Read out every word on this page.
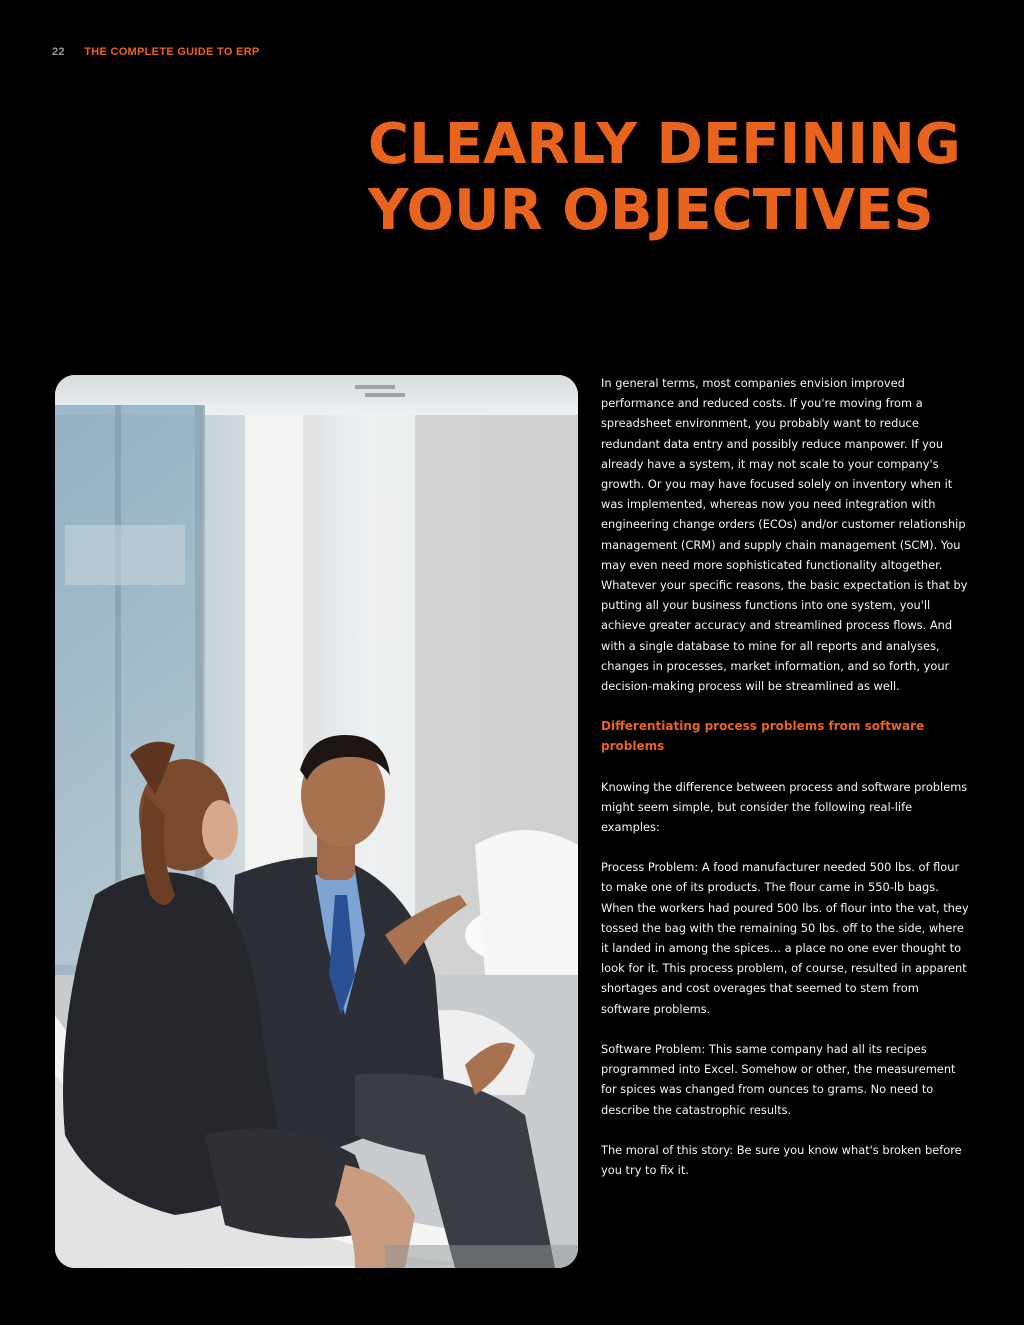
22 THE COMPLETE GUIDE TO ERP
CLEARLY DEFINING
YOUR OBJECTIVES

In general terms, most companies envision improved performance and reduced costs. If you're moving from a spreadsheet environment, you probably want to reduce redundant data entry and possibly reduce manpower. If you already have a system, it may not scale to your company's growth. Or you may have focused solely on inventory when it was implemented, whereas now you need integration with engineering change orders (ECOs) and/or customer relationship management (CRM) and supply chain management (SCM). You may even need more sophisticated functionality altogether. Whatever your specific reasons, the basic expectation is that by putting all your business functions into one system, you'll achieve greater accuracy and streamlined process flows. And with a single database to mine for all reports and analyses, changes in processes, market information, and so forth, your decision-making process will be streamlined as well.

Differentiating process problems from software problems

Knowing the difference between process and software problems might seem simple, but consider the following real-life examples:

Process Problem: A food manufacturer needed 500 lbs. of flour to make one of its products. The flour came in 550-lb bags. When the workers had poured 500 lbs. of flour into the vat, they tossed the bag with the remaining 50 lbs. off to the side, where it landed in among the spices… a place no one ever thought to look for it. This process problem, of course, resulted in apparent shortages and cost overages that seemed to stem from software problems.

Software Problem: This same company had all its recipes programmed into Excel. Somehow or other, the measurement for spices was changed from ounces to grams. No need to describe the catastrophic results.

The moral of this story: Be sure you know what's broken before you try to fix it.
